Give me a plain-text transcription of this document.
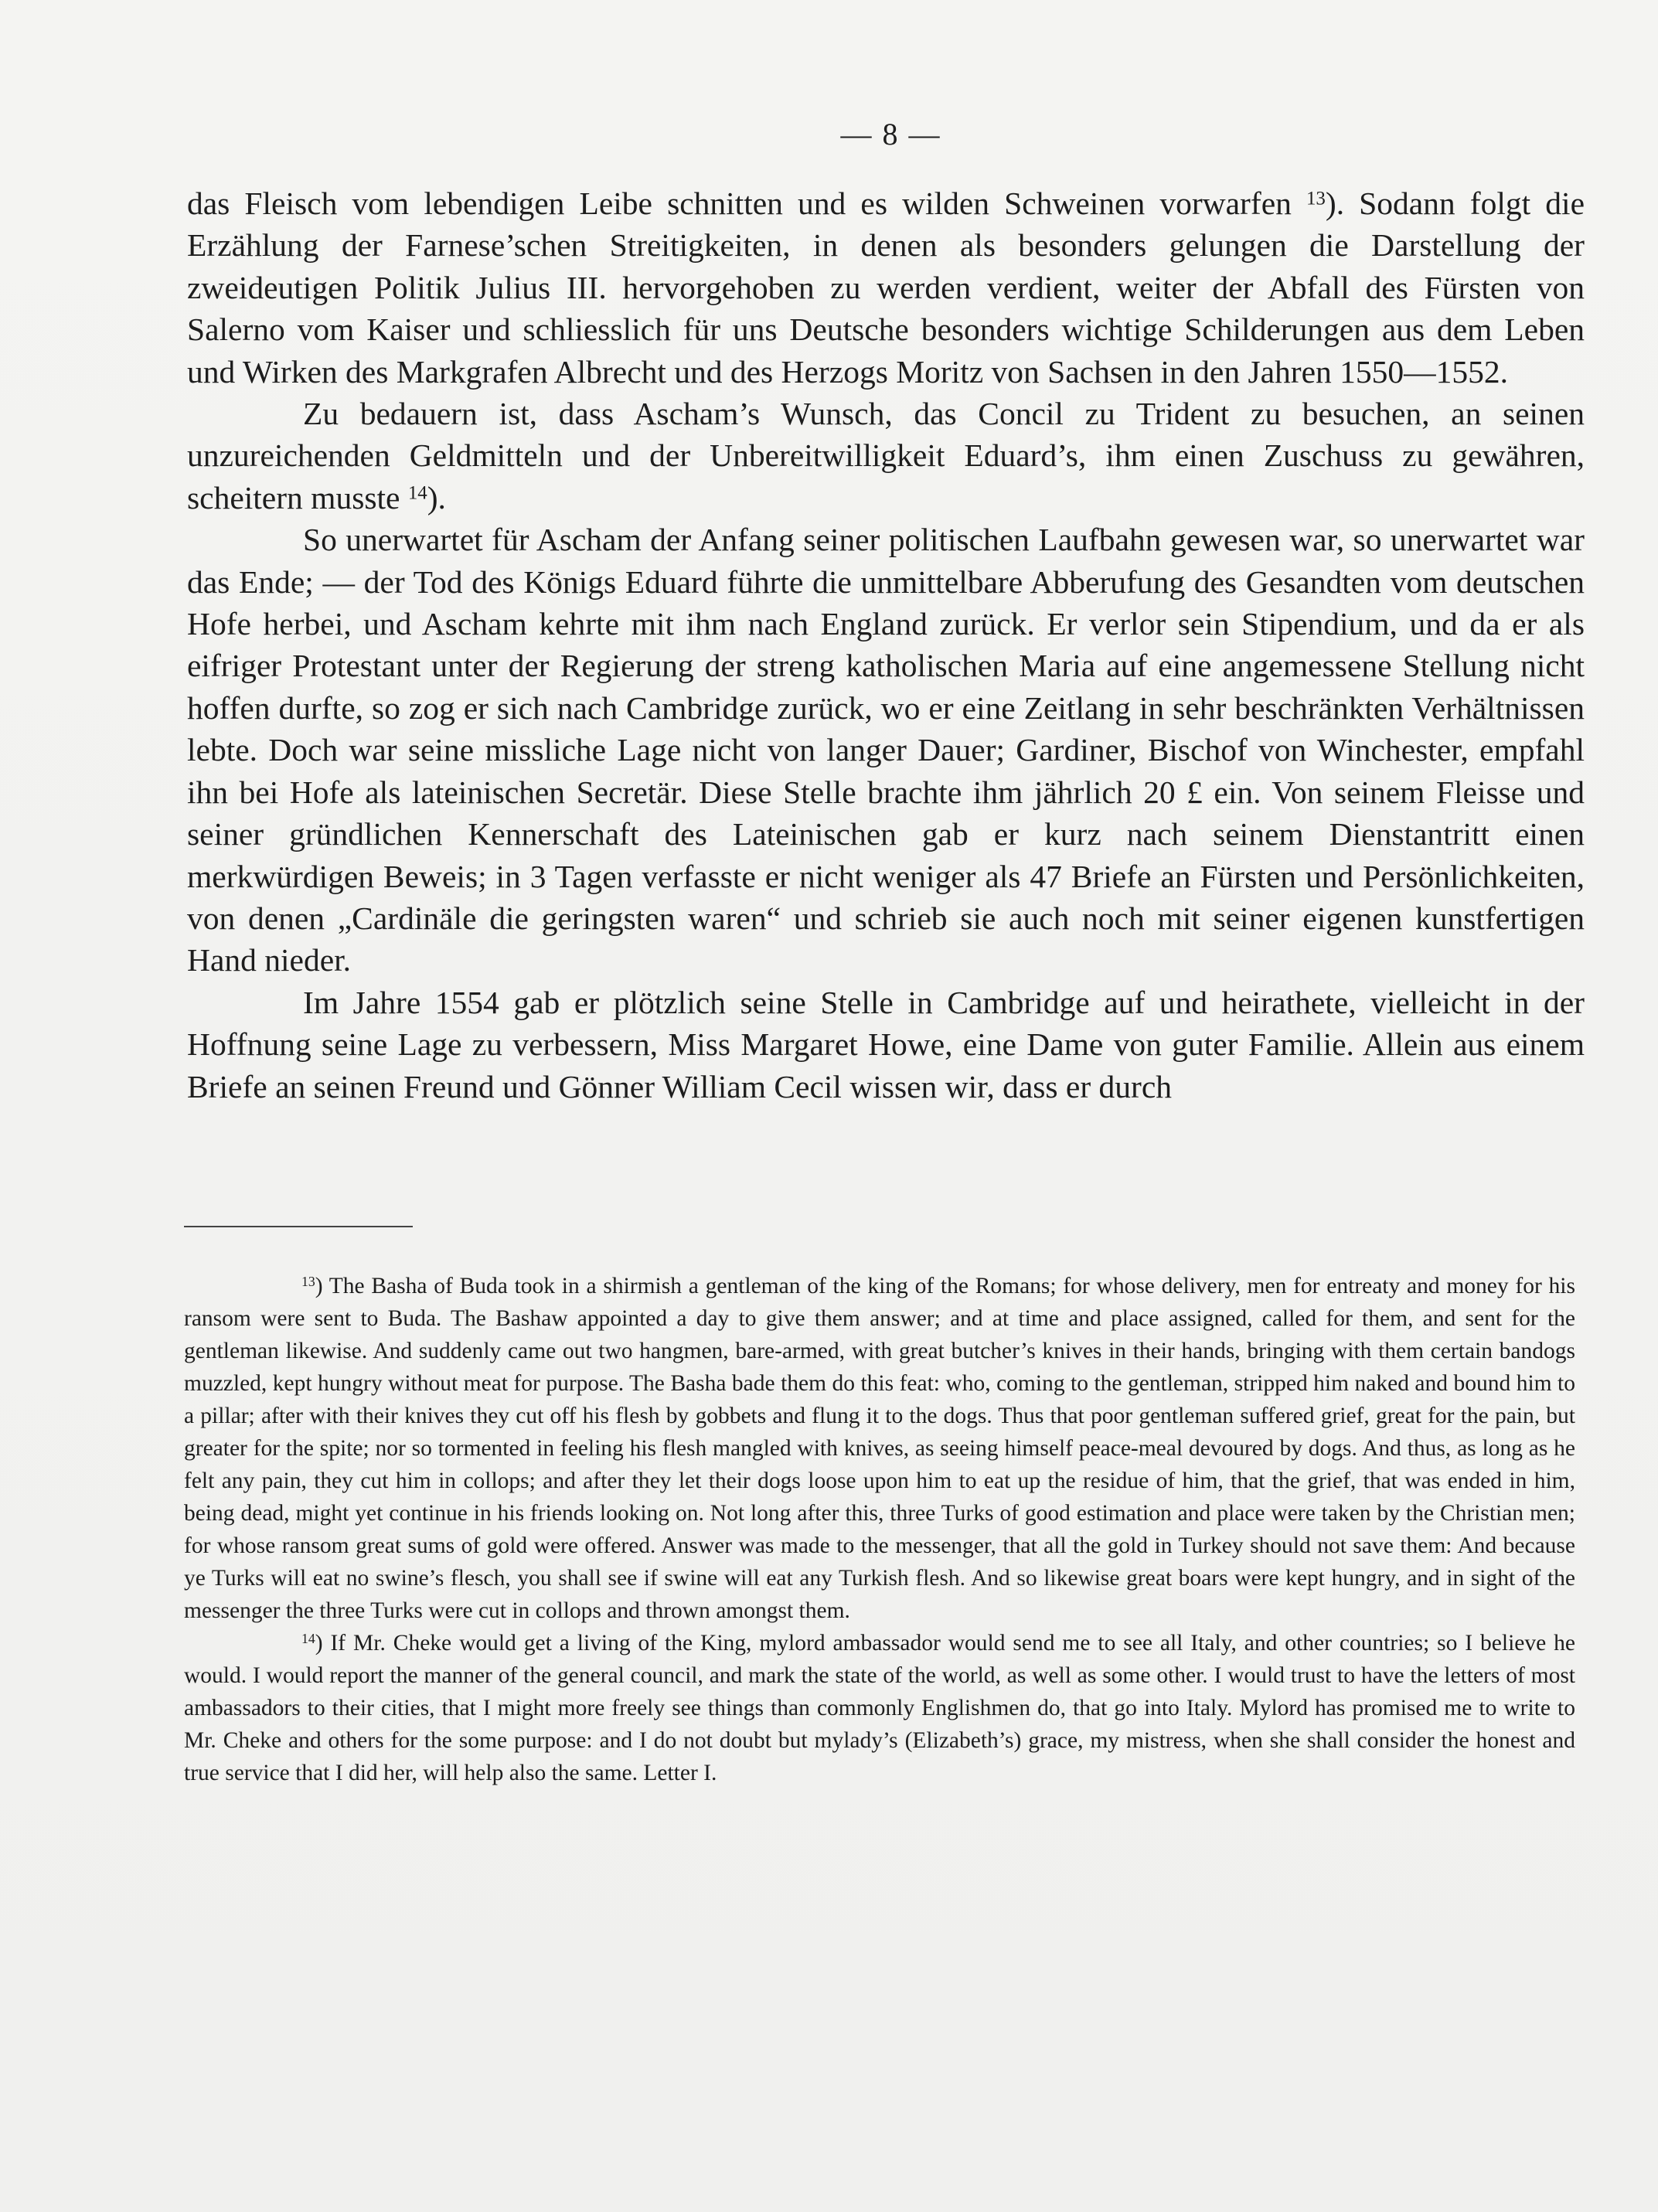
— 8 —

das Fleisch vom lebendigen Leibe schnitten und es wilden Schweinen vorwarfen $^{13}$). Sodann folgt die Erzählung der Farnese’schen Streitigkeiten, in denen als besonders gelungen die Darstellung der zweideutigen Politik Julius III. hervorgehoben zu werden verdient, weiter der Abfall des Fürsten von Salerno vom Kaiser und schliesslich für uns Deutsche besonders wichtige Schilderungen aus dem Leben und Wirken des Markgrafen Albrecht und des Herzogs Moritz von Sachsen in den Jahren 1550—1552.

Zu bedauern ist, dass Ascham’s Wunsch, das Concil zu Trident zu besuchen, an seinen unzureichenden Geldmitteln und der Unbereitwilligkeit Eduard’s, ihm einen Zuschuss zu gewähren, scheitern musste $^{14}$).

So unerwartet für Ascham der Anfang seiner politischen Laufbahn gewesen war, so unerwartet war das Ende; — der Tod des Königs Eduard führte die unmittelbare Abberufung des Gesandten vom deutschen Hofe herbei, und Ascham kehrte mit ihm nach England zurück. Er verlor sein Stipendium, und da er als eifriger Protestant unter der Regierung der streng katholischen Maria auf eine angemessene Stellung nicht hoffen durfte, so zog er sich nach Cambridge zurück, wo er eine Zeitlang in sehr beschränkten Verhältnissen lebte. Doch war seine missliche Lage nicht von langer Dauer; Gardiner, Bischof von Winchester, empfahl ihn bei Hofe als lateinischen Secretär. Diese Stelle brachte ihm jährlich 20 £ ein. Von seinem Fleisse und seiner gründlichen Kennerschaft des Lateinischen gab er kurz nach seinem Dienstantritt einen merkwürdigen Beweis; in 3 Tagen verfasste er nicht weniger als 47 Briefe an Fürsten und Persönlichkeiten, von denen „Cardinäle die geringsten waren“ und schrieb sie auch noch mit seiner eigenen kunstfertigen Hand nieder.

Im Jahre 1554 gab er plötzlich seine Stelle in Cambridge auf und heirathete, vielleicht in der Hoffnung seine Lage zu verbessern, Miss Margaret Howe, eine Dame von guter Familie. Allein aus einem Briefe an seinen Freund und Gönner William Cecil wissen wir, dass er durch

$^{13}$) The Basha of Buda took in a shirmish a gentleman of the king of the Romans; for whose delivery, men for entreaty and money for his ransom were sent to Buda. The Bashaw appointed a day to give them answer; and at time and place assigned, called for them, and sent for the gentleman likewise. And suddenly came out two hangmen, bare-armed, with great butcher’s knives in their hands, bringing with them certain bandogs muzzled, kept hungry without meat for purpose. The Basha bade them do this feat: who, coming to the gentleman, stripped him naked and bound him to a pillar; after with their knives they cut off his flesh by gobbets and flung it to the dogs. Thus that poor gentleman suffered grief, great for the pain, but greater for the spite; nor so tormented in feeling his flesh mangled with knives, as seeing himself peace-meal devoured by dogs. And thus, as long as he felt any pain, they cut him in collops; and after they let their dogs loose upon him to eat up the residue of him, that the grief, that was ended in him, being dead, might yet continue in his friends looking on. Not long after this, three Turks of good estimation and place were taken by the Christian men; for whose ransom great sums of gold were offered. Answer was made to the messenger, that all the gold in Turkey should not save them: And because ye Turks will eat no swine’s flesch, you shall see if swine will eat any Turkish flesh. And so likewise great boars were kept hungry, and in sight of the messenger the three Turks were cut in collops and thrown amongst them.

$^{14}$) If Mr. Cheke would get a living of the King, mylord ambassador would send me to see all Italy, and other countries; so I believe he would. I would report the manner of the general council, and mark the state of the world, as well as some other. I would trust to have the letters of most ambassadors to their cities, that I might more freely see things than commonly Englishmen do, that go into Italy. Mylord has promised me to write to Mr. Cheke and others for the some purpose: and I do not doubt but mylady’s (Elizabeth’s) grace, my mistress, when she shall consider the honest and true service that I did her, will help also the same. Letter I.
